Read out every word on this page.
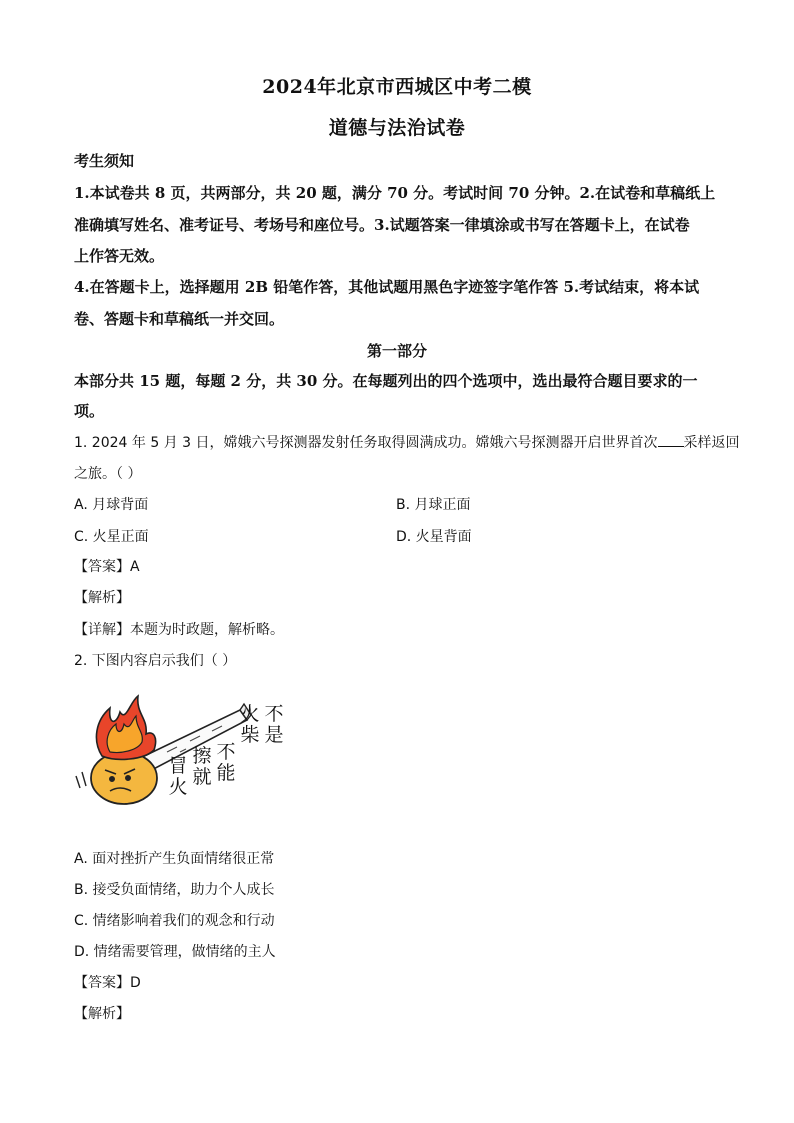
2024年北京市西城区中考二模
道德与法治试卷
考生须知
1.本试卷共 8 页，共两部分，共 20 题，满分 70 分。考试时间 70 分钟。2.在试卷和草稿纸上
准确填写姓名、准考证号、考场号和座位号。3.试题答案一律填涂或书写在答题卡上，在试卷
上作答无效。
4.在答题卡上，选择题用 2B 铅笔作答，其他试题用黑色字迹签字笔作答 5.考试结束，将本试
卷、答题卡和草稿纸一并交回。
第一部分
本部分共 15 题，每题 2 分，共 30 分。在每题列出的四个选项中，选出最符合题目要求的一
项。
1. 2024 年 5 月 3 日，嫦娥六号探测器发射任务取得圆满成功。嫦娥六号探测器开启世界首次 采样返回
之旅。（ ）
A. 月球背面	B. 月球正面
C. 火星正面	D. 火星背面
【答案】A
【解析】
【详解】本题为时政题，解析略。
2. 下图内容启示我们（ ）
不
是
火
柴
不
能
擦
就
冒
火
A. 面对挫折产生负面情绪很正常
B. 接受负面情绪，助力个人成长
C. 情绪影响着我们的观念和行动
D. 情绪需要管理，做情绪的主人
【答案】D
【解析】
